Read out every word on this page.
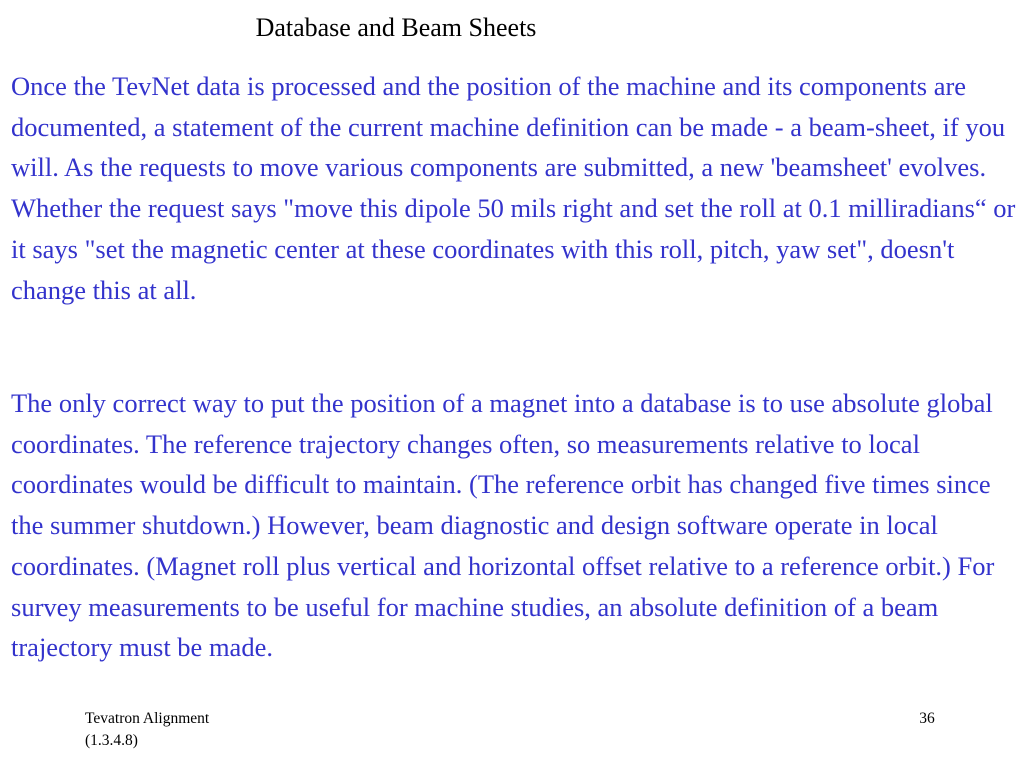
Database and Beam Sheets

Once the TevNet data is processed and the position of the machine and its components are documented, a statement of the current machine definition can be made - a beam-sheet, if you will. As the requests to move various components are submitted, a new 'beamsheet' evolves. Whether the request says "move this dipole 50 mils right and set the roll at 0.1 milliradians“ or it says "set the magnetic center at these coordinates with this roll, pitch, yaw set", doesn't change this at all.

The only correct way to put the position of a magnet into a database is to use absolute global coordinates. The reference trajectory changes often, so measurements relative to local coordinates would be difficult to maintain. (The reference orbit has changed five times since the summer shutdown.) However, beam diagnostic and design software operate in local coordinates. (Magnet roll plus vertical and horizontal offset relative to a reference orbit.) For survey measurements to be useful for machine studies, an absolute definition of a beam trajectory must be made.

Tevatron Alignment
(1.3.4.8)
36
